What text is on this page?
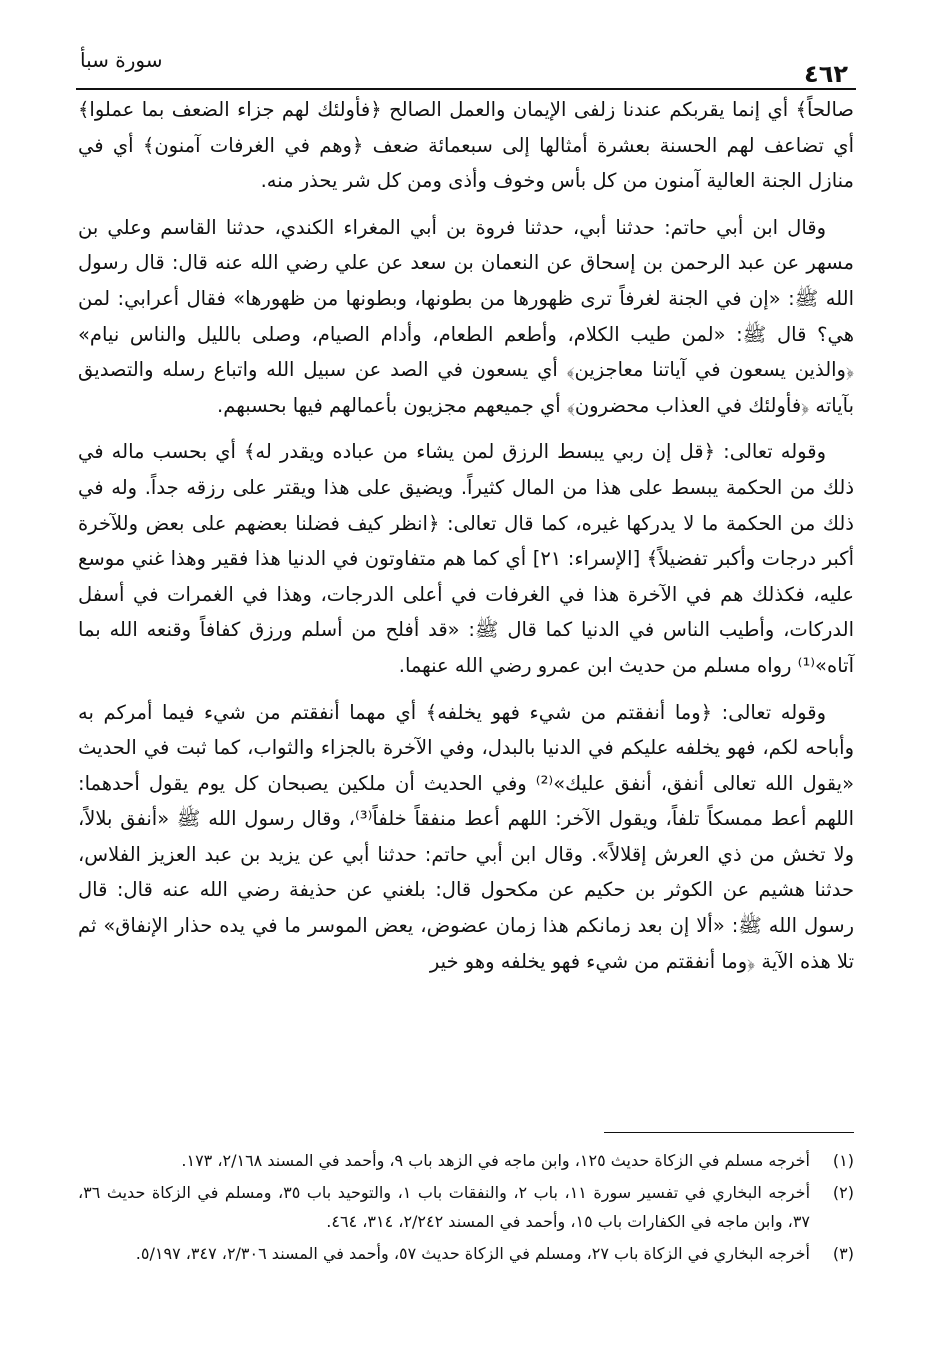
٤٦٢

سورة سبأ

صالحاً﴾ أي إنما يقربكم عندنا زلفى الإيمان والعمل الصالح ﴿فأولئك لهم جزاء الضعف بما عملوا﴾ أي تضاعف لهم الحسنة بعشرة أمثالها إلى سبعمائة ضعف ﴿وهم في الغرفات آمنون﴾ أي في منازل الجنة العالية آمنون من كل بأس وخوف وأذى ومن كل شر يحذر منه.

وقال ابن أبي حاتم: حدثنا أبي، حدثنا فروة بن أبي المغراء الكندي، حدثنا القاسم وعلي بن مسهر عن عبد الرحمن بن إسحاق عن النعمان بن سعد عن علي رضي الله عنه قال: قال رسول الله ﷺ: «إن في الجنة لغرفاً ترى ظهورها من بطونها، وبطونها من ظهورها» فقال أعرابي: لمن هي؟ قال ﷺ: «لمن طيب الكلام، وأطعم الطعام، وأدام الصيام، وصلى بالليل والناس نيام» ﴿والذين يسعون في آياتنا معاجزين﴾ أي يسعون في الصد عن سبيل الله واتباع رسله والتصديق بآياته ﴿فأولئك في العذاب محضرون﴾ أي جميعهم مجزيون بأعمالهم فيها بحسبهم.

وقوله تعالى: ﴿قل إن ربي يبسط الرزق لمن يشاء من عباده ويقدر له﴾ أي بحسب ماله في ذلك من الحكمة يبسط على هذا من المال كثيراً. ويضيق على هذا ويقتر على رزقه جداً. وله في ذلك من الحكمة ما لا يدركها غيره، كما قال تعالى: ﴿انظر كيف فضلنا بعضهم على بعض وللآخرة أكبر درجات وأكبر تفضيلاً﴾ [الإسراء: ٢١] أي كما هم متفاوتون في الدنيا هذا فقير وهذا غني موسع عليه، فكذلك هم في الآخرة هذا في الغرفات في أعلى الدرجات، وهذا في الغمرات في أسفل الدركات، وأطيب الناس في الدنيا كما قال ﷺ: «قد أفلح من أسلم ورزق كفافاً وقنعه الله بما آتاه»⁽¹⁾ رواه مسلم من حديث ابن عمرو رضي الله عنهما.

وقوله تعالى: ﴿وما أنفقتم من شيء فهو يخلفه﴾ أي مهما أنفقتم من شيء فيما أمركم به وأباحه لكم، فهو يخلفه عليكم في الدنيا بالبدل، وفي الآخرة بالجزاء والثواب، كما ثبت في الحديث «يقول الله تعالى أنفق، أنفق عليك»⁽²⁾ وفي الحديث أن ملكين يصبحان كل يوم يقول أحدهما: اللهم أعط ممسكاً تلفاً، ويقول الآخر: اللهم أعط منفقاً خلفاً⁽³⁾، وقال رسول الله ﷺ «أنفق بلالاً، ولا تخش من ذي العرش إقلالاً». وقال ابن أبي حاتم: حدثنا أبي عن يزيد بن عبد العزيز الفلاس، حدثنا هشيم عن الكوثر بن حكيم عن مكحول قال: بلغني عن حذيفة رضي الله عنه قال: قال رسول الله ﷺ: «ألا إن بعد زمانكم هذا زمان عضوض، يعض الموسر ما في يده حذار الإنفاق» ثم تلا هذه الآية ﴿وما أنفقتم من شيء فهو يخلفه وهو خير

(١)
أخرجه مسلم في الزكاة حديث ١٢٥، وابن ماجه في الزهد باب ٩، وأحمد في المسند ٢/١٦٨، ١٧٣.
(٢)
أخرجه البخاري في تفسير سورة ١١، باب ٢، والنفقات باب ١، والتوحيد باب ٣٥، ومسلم في الزكاة حديث ٣٦، ٣٧، وابن ماجه في الكفارات باب ١٥، وأحمد في المسند ٢/٢٤٢، ٣١٤، ٤٦٤.
(٣)
أخرجه البخاري في الزكاة باب ٢٧، ومسلم في الزكاة حديث ٥٧، وأحمد في المسند ٢/٣٠٦، ٣٤٧، ٥/١٩٧.
